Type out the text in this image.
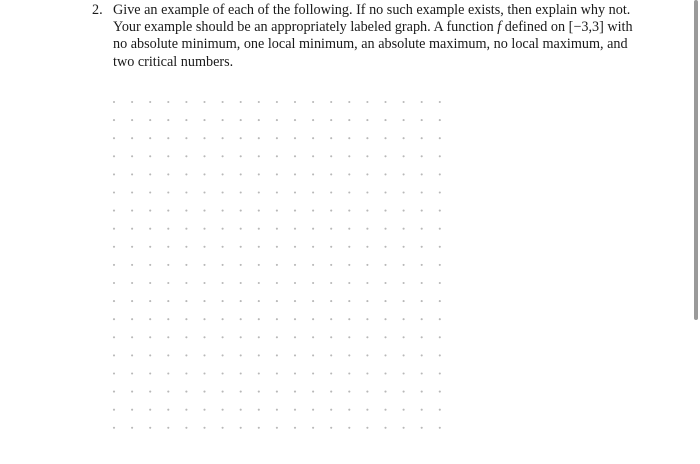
2. Give an example of each of the following. If no such example exists, then explain why not.

Your example should be an appropriately labeled graph. A function f defined on [−3,3] with no absolute minimum, one local minimum, an absolute maximum, no local maximum, and two critical numbers.
